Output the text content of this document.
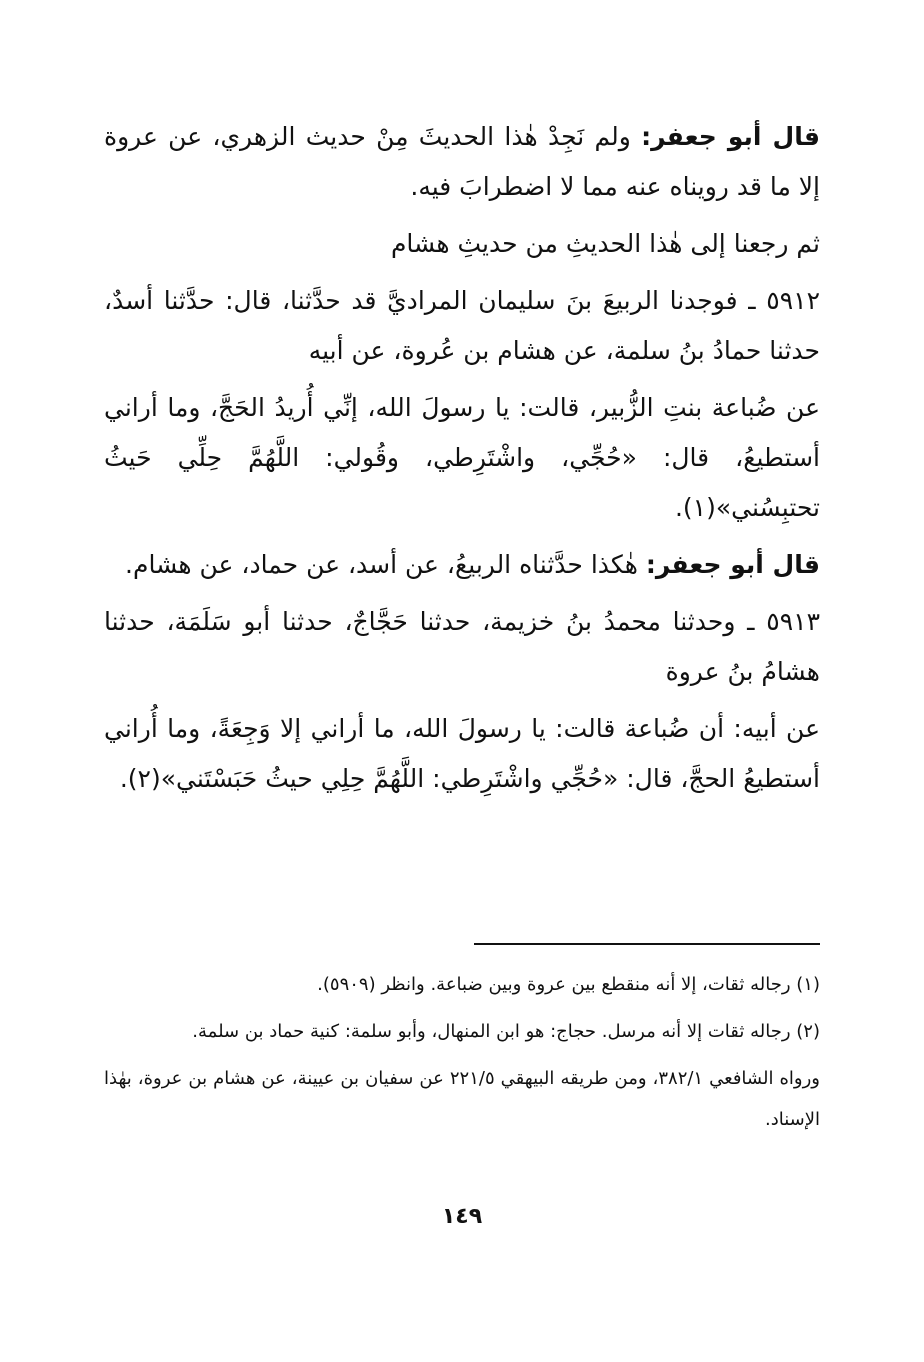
قال أبو جعفر: ولم نَجِدْ هٰذا الحديثَ مِنْ حديث الزهري، عن عروة إلا ما قد رويناه عنه مما لا اضطرابَ فيه.

ثم رجعنا إلى هٰذا الحديثِ من حديثِ هشام

٥٩١٢ ـ فوجدنا الربيعَ بنَ سليمان المراديَّ قد حدَّثنا، قال: حدَّثنا أسدٌ، حدثنا حمادُ بنُ سلمة، عن هشام بن عُروة، عن أبيه

عن ضُباعة بنتِ الزُّبير، قالت: يا رسولَ الله، إنِّي أُريدُ الحَجَّ، وما أراني أستطيعُ، قال: «حُجِّي، واشْتَرِطي، وقُولي: اللَّهُمَّ حِلِّي حَيثُ تحتبِسُني»(١).

قال أبو جعفر: هٰكذا حدَّثناه الربيعُ، عن أسد، عن حماد، عن هشام.

٥٩١٣ ـ وحدثنا محمدُ بنُ خزيمة، حدثنا حَجَّاجٌ، حدثنا أبو سَلَمَة، حدثنا هشامُ بنُ عروة

عن أبيه: أن ضُباعة قالت: يا رسولَ الله، ما أراني إلا وَجِعَةً، وما أُراني أستطيعُ الحجَّ، قال: «حُجِّي واشْتَرِطي: اللَّهُمَّ حِلِي حيثُ حَبَسْتَني»(٢).

(١) رجاله ثقات، إلا أنه منقطع بين عروة وبين ضباعة. وانظر (٥٩٠٩).

(٢) رجاله ثقات إلا أنه مرسل. حجاج: هو ابن المنهال، وأبو سلمة: كنية حماد بن سلمة.

ورواه الشافعي ٣٨٢/١، ومن طريقه البيهقي ٢٢١/٥ عن سفيان بن عيينة، عن هشام بن عروة، بهٰذا الإسناد.

١٤٩
